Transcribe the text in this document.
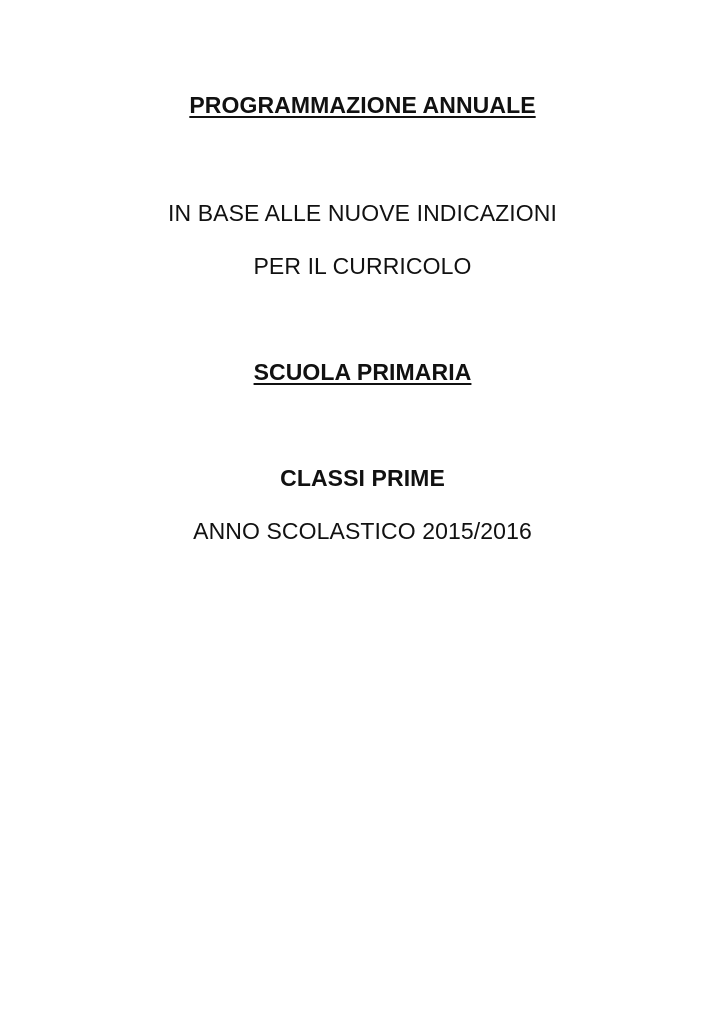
PROGRAMMAZIONE ANNUALE
IN BASE ALLE NUOVE INDICAZIONI
PER IL CURRICOLO
SCUOLA PRIMARIA
CLASSI PRIME
ANNO SCOLASTICO 2015/2016
